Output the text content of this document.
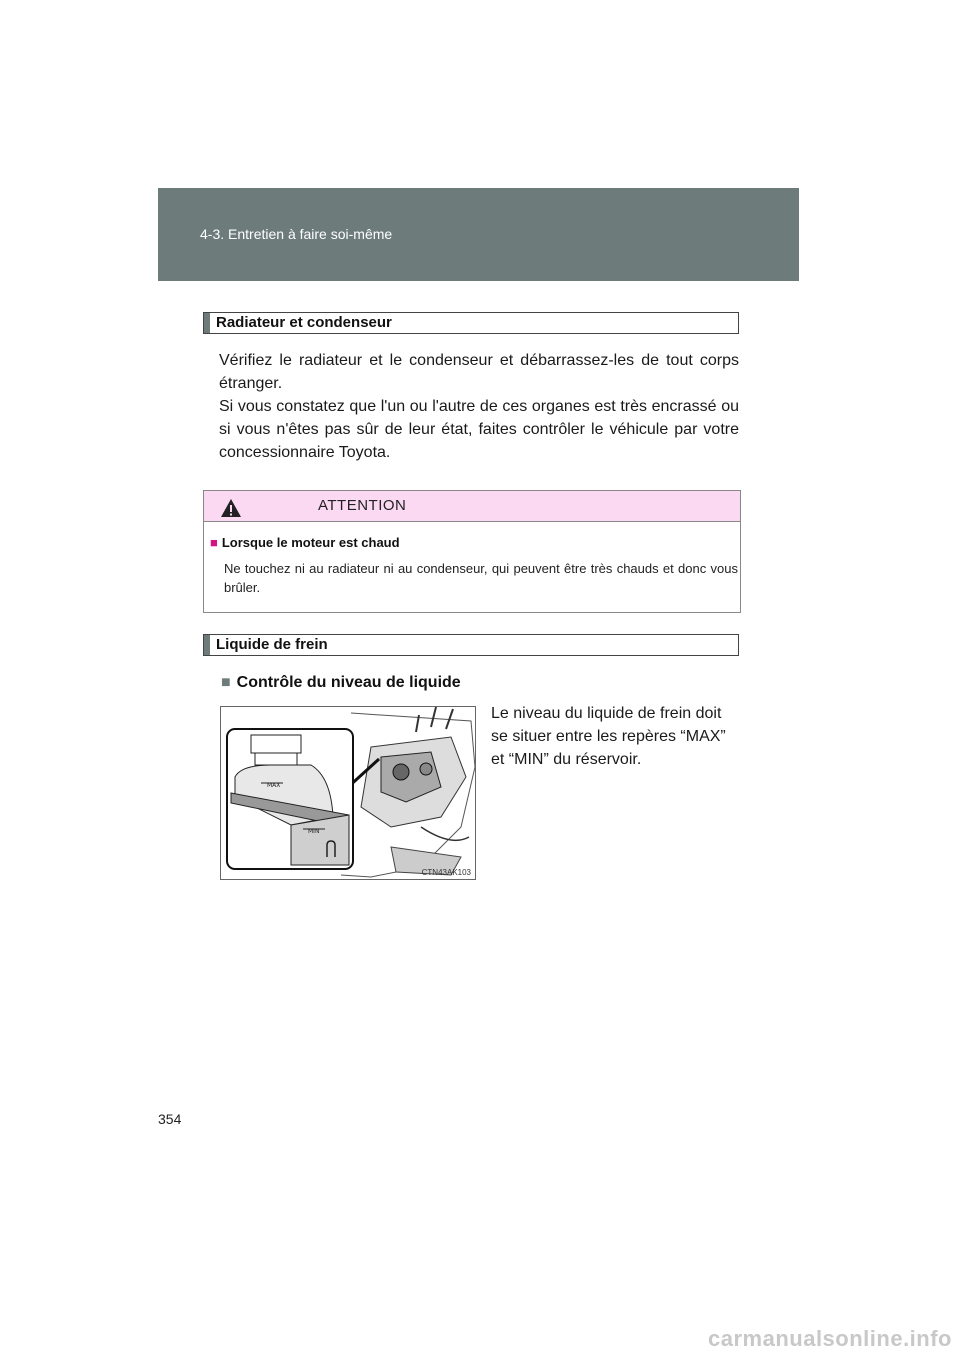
4-3. Entretien à faire soi-même
Radiateur et condenseur
Vérifiez le radiateur et le condenseur et débarrassez-les de tout corps étranger.
Si vous constatez que l'un ou l'autre de ces organes est très encrassé ou si vous n'êtes pas sûr de leur état, faites contrôler le véhicule par votre concessionnaire Toyota.
ATTENTION
■ Lorsque le moteur est chaud
Ne touchez ni au radiateur ni au condenseur, qui peuvent être très chauds et donc vous brûler.
Liquide de frein
■ Contrôle du niveau de liquide
MAX
MIN
CTN43AK103
Le niveau du liquide de frein doit se situer entre les repères “MAX” et “MIN” du réservoir.
354
carmanualsonline.info
